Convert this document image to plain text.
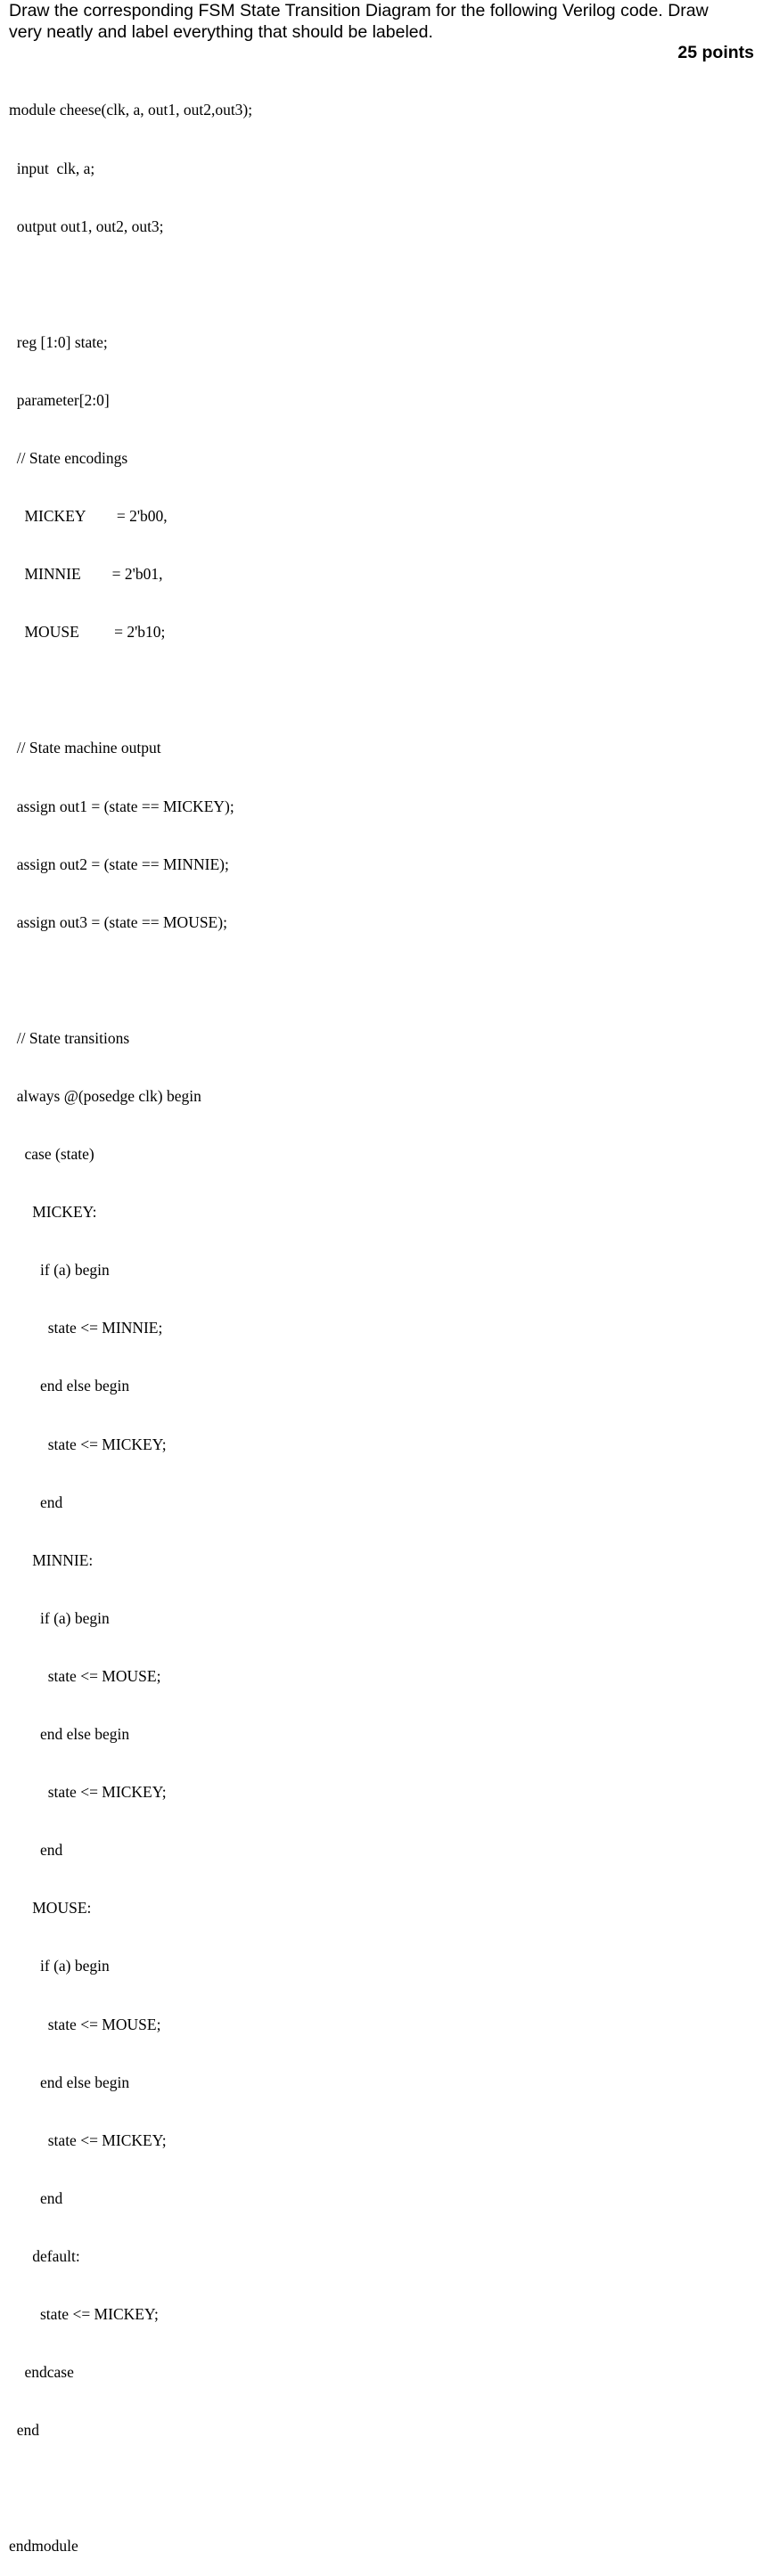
Draw the corresponding FSM State Transition Diagram for the following Verilog code. Draw
very neatly and label everything that should be labeled.
25 points

module cheese(clk, a, out1, out2,out3);

input  clk, a;

output out1, out2, out3;

reg [1:0] state;

parameter[2:0]

// State encodings

MICKEY        = 2'b00,

MINNIE        = 2'b01,

MOUSE         = 2'b10;

// State machine output

assign out1 = (state == MICKEY);

assign out2 = (state == MINNIE);

assign out3 = (state == MOUSE);

// State transitions

always @(posedge clk) begin

case (state)

MICKEY:

if (a) begin

state <= MINNIE;

end else begin

state <= MICKEY;

end

MINNIE:

if (a) begin

state <= MOUSE;

end else begin

state <= MICKEY;

end

MOUSE:

if (a) begin

state <= MOUSE;

end else begin

state <= MICKEY;

end

default:

state <= MICKEY;

endcase

end

endmodule
